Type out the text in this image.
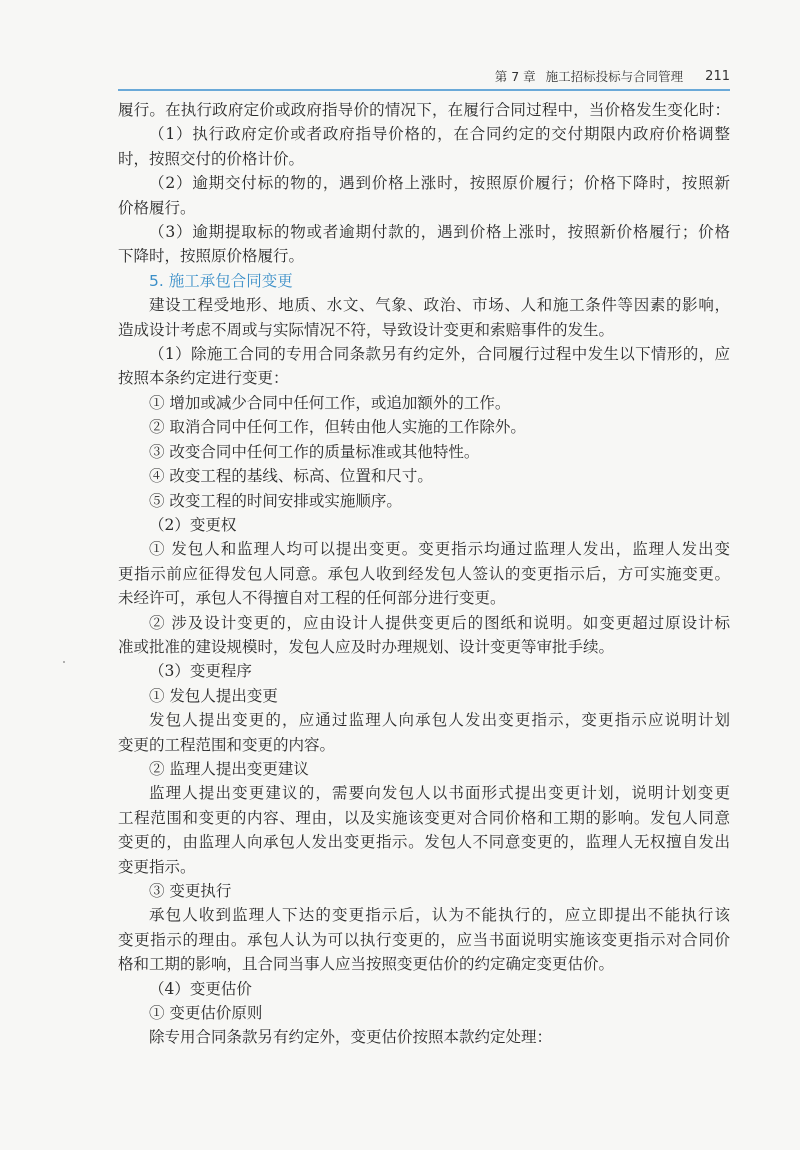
第 7 章 施工招标投标与合同管理 211
履行。在执行政府定价或政府指导价的情况下，在履行合同过程中，当价格发生变化时：
（1）执行政府定价或者政府指导价格的，在合同约定的交付期限内政府价格调整
时，按照交付的价格计价。
（2）逾期交付标的物的，遇到价格上涨时，按照原价履行；价格下降时，按照新
价格履行。
（3）逾期提取标的物或者逾期付款的，遇到价格上涨时，按照新价格履行；价格
下降时，按照原价格履行。
5. 施工承包合同变更
建设工程受地形、地质、水文、气象、政治、市场、人和施工条件等因素的影响，
造成设计考虑不周或与实际情况不符，导致设计变更和索赔事件的发生。
（1）除施工合同的专用合同条款另有约定外，合同履行过程中发生以下情形的，应
按照本条约定进行变更：
① 增加或减少合同中任何工作，或追加额外的工作。
② 取消合同中任何工作，但转由他人实施的工作除外。
③ 改变合同中任何工作的质量标准或其他特性。
④ 改变工程的基线、标高、位置和尺寸。
⑤ 改变工程的时间安排或实施顺序。
（2）变更权
① 发包人和监理人均可以提出变更。变更指示均通过监理人发出，监理人发出变
更指示前应征得发包人同意。承包人收到经发包人签认的变更指示后，方可实施变更。
未经许可，承包人不得擅自对工程的任何部分进行变更。
② 涉及设计变更的，应由设计人提供变更后的图纸和说明。如变更超过原设计标
准或批准的建设规模时，发包人应及时办理规划、设计变更等审批手续。
（3）变更程序
① 发包人提出变更
发包人提出变更的，应通过监理人向承包人发出变更指示，变更指示应说明计划
变更的工程范围和变更的内容。
② 监理人提出变更建议
监理人提出变更建议的，需要向发包人以书面形式提出变更计划，说明计划变更
工程范围和变更的内容、理由，以及实施该变更对合同价格和工期的影响。发包人同意
变更的，由监理人向承包人发出变更指示。发包人不同意变更的，监理人无权擅自发出
变更指示。
③ 变更执行
承包人收到监理人下达的变更指示后，认为不能执行的，应立即提出不能执行该
变更指示的理由。承包人认为可以执行变更的，应当书面说明实施该变更指示对合同价
格和工期的影响，且合同当事人应当按照变更估价的约定确定变更估价。
（4）变更估价
① 变更估价原则
除专用合同条款另有约定外，变更估价按照本款约定处理：
